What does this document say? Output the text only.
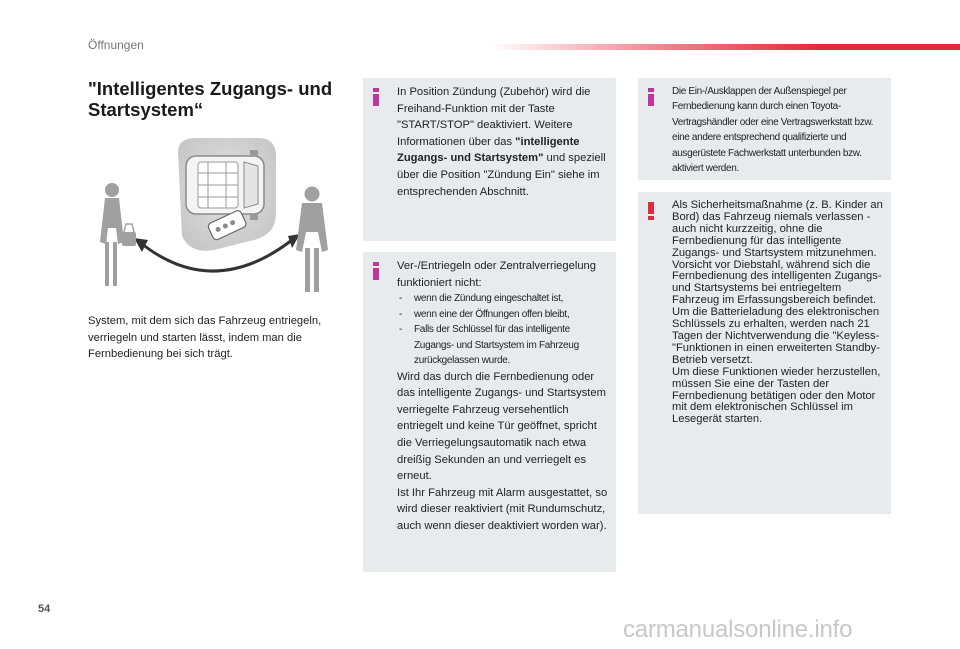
Öffnungen
"Intelligentes Zugangs- und Startsystem“

System, mit dem sich das Fahrzeug entriegeln, verriegeln und starten lässt, indem man die Fernbedienung bei sich trägt.

In Position Zündung (Zubehör) wird die Freihand-Funktion mit der Taste "START/STOP" deaktiviert. Weitere Informationen über das "intelligente Zugangs- und Startsystem" und speziell über die Position "Zündung Ein" siehe im entsprechenden Abschnitt.

Ver-/Entriegeln oder Zentralverriegelung funktioniert nicht:

- wenn die Zündung eingeschaltet ist,
- wenn eine der Öffnungen offen bleibt,
- Falls der Schlüssel für das intelligente Zugangs- und Startsystem im Fahrzeug zurückgelassen wurde.

Wird das durch die Fernbedienung oder das intelligente Zugangs- und Startsystem verriegelte Fahrzeug versehentlich entriegelt und keine Tür geöffnet, spricht die Verriegelungsautomatik nach etwa dreißig Sekunden an und verriegelt es erneut.

Ist Ihr Fahrzeug mit Alarm ausgestattet, so wird dieser reaktiviert (mit Rundumschutz, auch wenn dieser deaktiviert worden war).

Die Ein-/Ausklappen der Außenspiegel per Fernbedienung kann durch einen Toyota-Vertragshändler oder eine Vertragswerkstatt bzw. eine andere entsprechend qualifizierte und ausgerüstete Fachwerkstatt unterbunden bzw. aktiviert werden.

Als Sicherheitsmaßnahme (z. B. Kinder an Bord) das Fahrzeug niemals verlassen - auch nicht kurzzeitig, ohne die Fernbedienung für das intelligente Zugangs- und Startsystem mitzunehmen.

Vorsicht vor Diebstahl, während sich die Fernbedienung des intelligenten Zugangs- und Startsystems bei entriegeltem Fahrzeug im Erfassungsbereich befindet.

Um die Batterieladung des elektronischen Schlüssels zu erhalten, werden nach 21 Tagen der Nichtverwendung die "Keyless-"Funktionen in einen erweiterten Standby-Betrieb versetzt.

Um diese Funktionen wieder herzustellen, müssen Sie eine der Tasten der Fernbedienung betätigen oder den Motor mit dem elektronischen Schlüssel im Lesegerät starten.

54
carmanualsonline.info
